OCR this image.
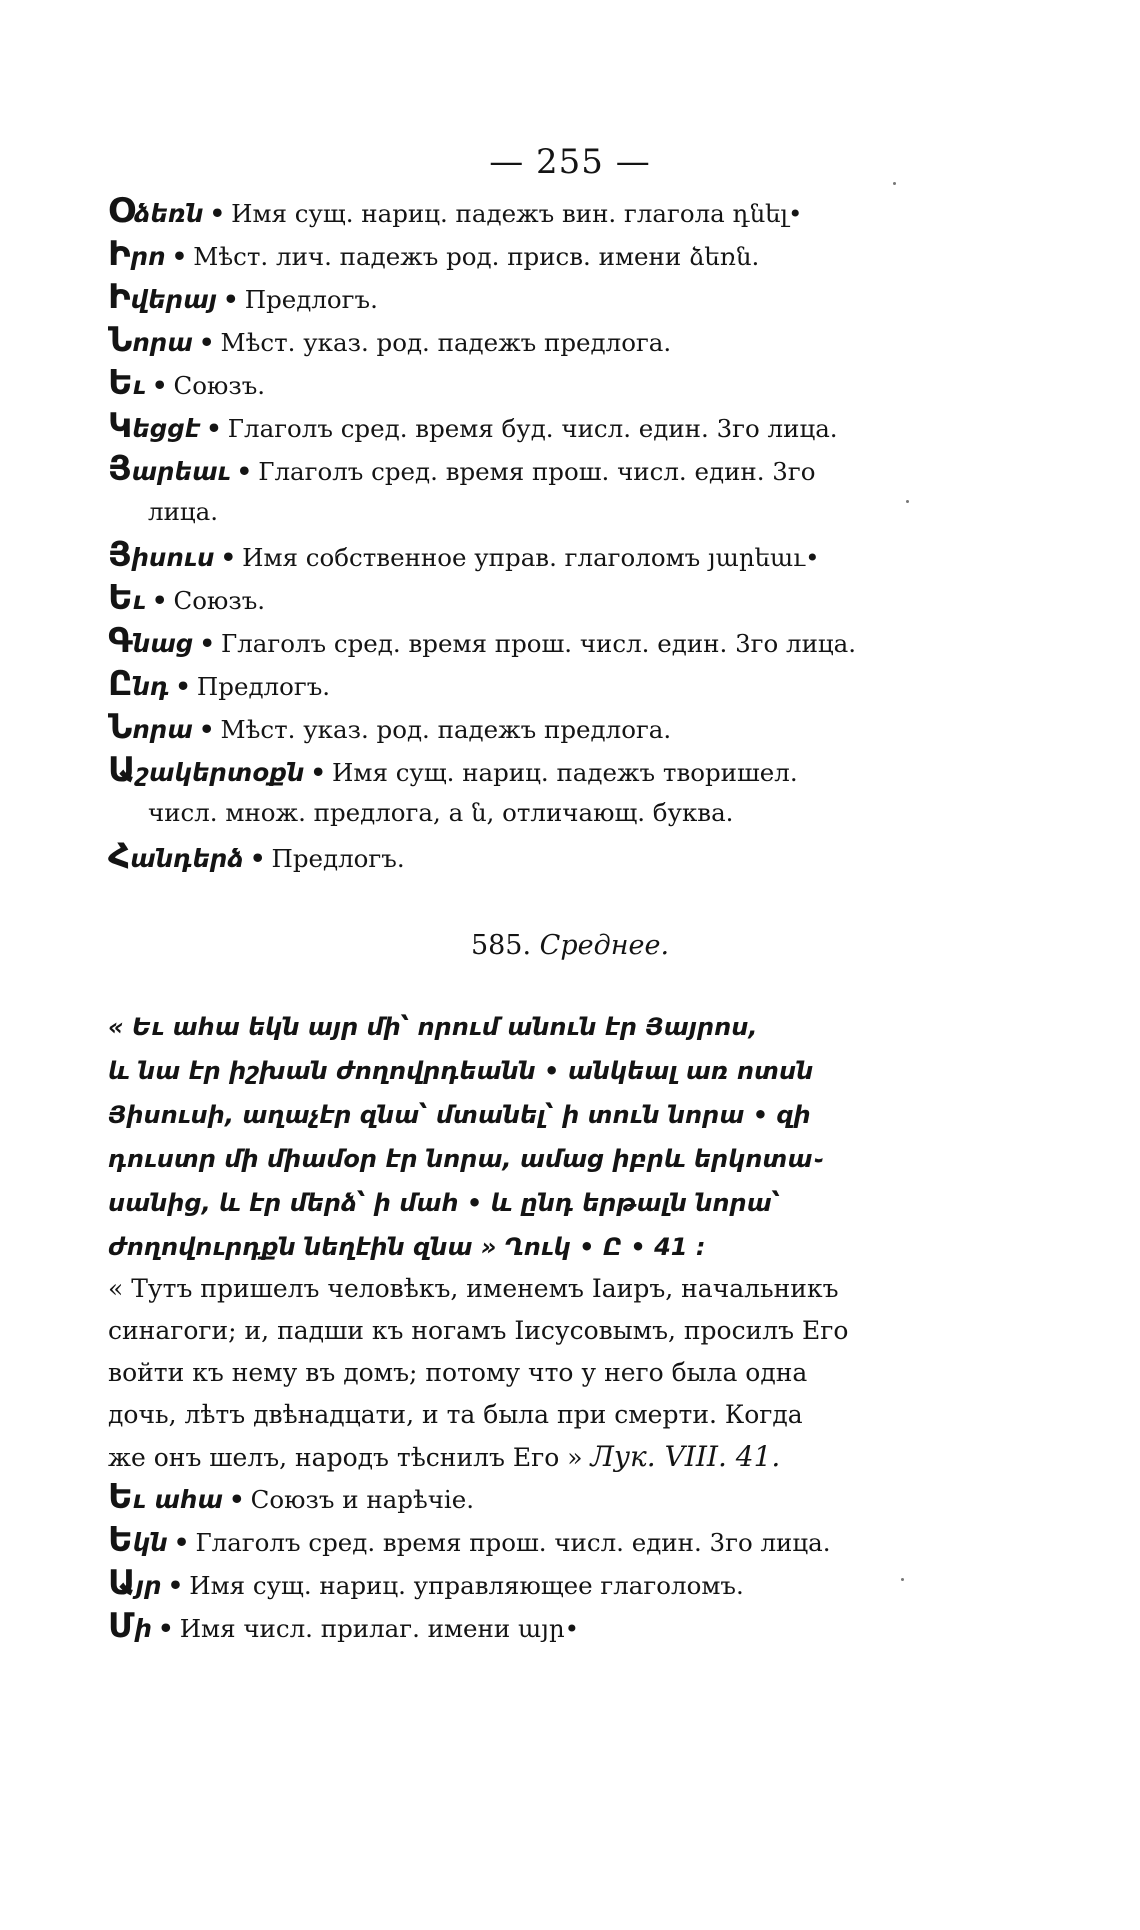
— 255 —
Օձեռն • Имя сущ. нариц. падежъ вин. глагола դնել•
Իրո • Мѣст. лич. падежъ род. присв. имени ձեռն.
Իվերայ • Предлогъ.
Նորա • Мѣст. указ. род. падежъ предлога.
Եւ • Союзъ.
Կեցցէ • Глаголъ сред. время буд. числ. един. 3го лица.
Յարեաւ • Глаголъ сред. время прош. числ. един. 3го
лица.
Յիսուս • Имя собственное управ. глаголомъ յարեաւ•
Եւ • Союзъ.
Գնաց • Глаголъ сред. время прош. числ. един. 3го лица.
Ընդ • Предлогъ.
Նորա • Мѣст. указ. род. падежъ предлога.
Աշակերտօքն • Имя сущ. нариц. падежъ творишел.
числ. множ. предлога, а ն, отличающ. буква.
Հանդերձ • Предлогъ.
585. Среднее.
« Եւ ահա եկն այր մի՝ որում անուն էր Յայրոս,
և նա էր իշխան ժողովրդեանն • անկեալ առ ոտսն
Յիսուսի, աղաչէր զնա՝ մտանել՝ ի տուն նորա • զի
դուստր մի միամօր էր նորա, ամաց իբրև երկոտա֊
սանից, և էր մերձ՝ ի մահ • և ընդ երթալն նորա՝
ժողովուրդքն նեղէին զնա » Ղուկ • Ը • 41 ։
« Тутъ пришелъ человѣкъ, именемъ Іаиръ, начальникъ
синагоги; и, падши къ ногамъ Іисусовымъ, просилъ Его
войти къ нему въ домъ; потому что у него была одна
дочь, лѣтъ двѣнадцати, и та была при смерти. Когда
же онъ шелъ, народъ тѣснилъ Его » Лук. VIII. 41.
Եւ ահա • Союзъ и нарѣчіе.
Եկն • Глаголъ сред. время прош. числ. един. 3го лица.
Այր • Имя сущ. нариц. управляющее глаголомъ.
Մի • Имя числ. прилаг. имени այր•
